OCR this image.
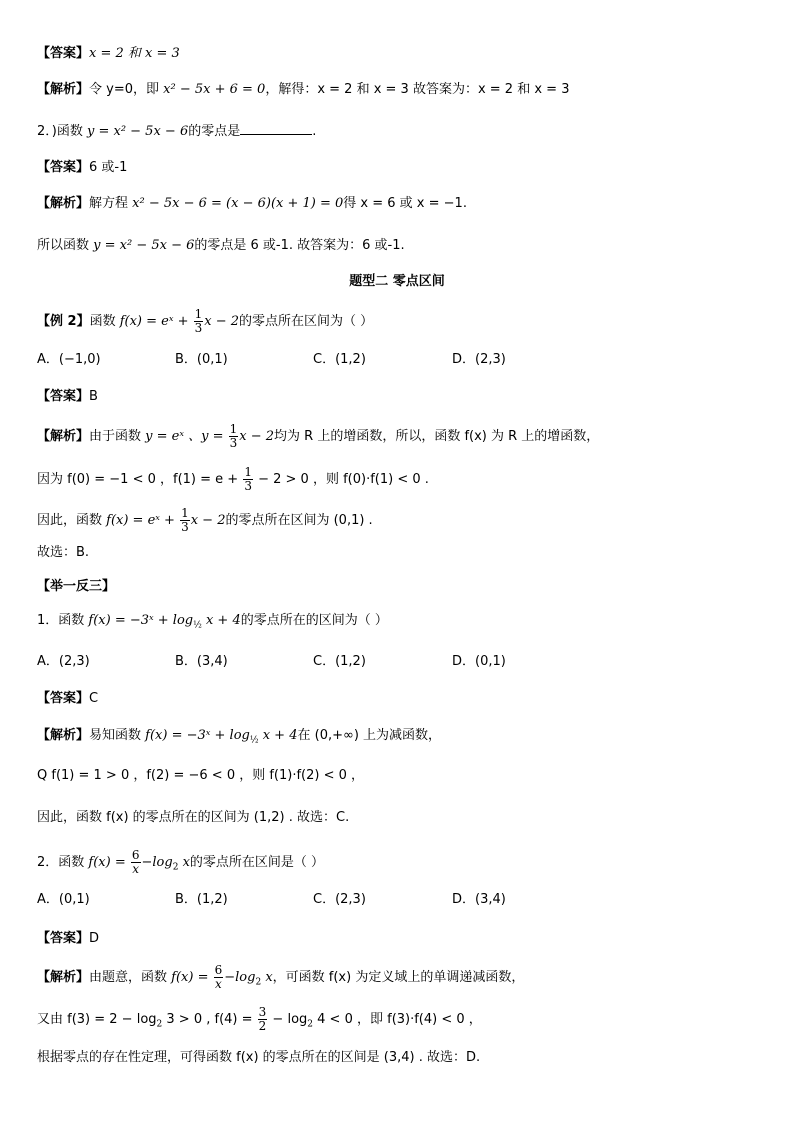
【答案】x = 2 和 x = 3
【解析】令 y=0，即 x² − 5x + 6 = 0，解得：x = 2 和 x = 3 故答案为：x = 2 和 x = 3
2．)函数 y = x² − 5x − 6的零点是	.
【答案】6 或-1
【解析】解方程 x² − 5x − 6 = (x − 6)(x + 1) = 0得 x = 6 或 x = −1.
所以函数 y = x² − 5x − 6的零点是 6 或-1. 故答案为：6 或-1.
题型二 零点区间
【例 2】函数 f(x) = eˣ + $\frac{1}{3}$ x − 2的零点所在区间为（ ）
A．(−1,0)	B．(0,1)	C．(1,2)	D．(2,3)
【答案】B
【解析】由于函数 y = eˣ 、$y = \frac{1}{3}$ x − 2均为 R 上的增函数，所以，函数 f(x) 为 R 上的增函数，
因为 f(0) = −1 < 0 ，$f(1) = e + \frac{1}{3} - 2 > 0$ ，则 f(0)·f(1) < 0 .
因此，函数 f(x) = eˣ + $\frac{1}{3}$ x − 2的零点所在区间为 (0,1) .
故选：B.
【举一反三】
1．函数 f(x) = −3ˣ + $\log_{\frac{1}{2}} x + 4$的零点所在的区间为（ ）
A．(2,3)	B．(3,4)	C．(1,2)	D．(0,1)
【答案】C
【解析】易知函数 f(x) = −3ˣ + $\log_{\frac{1}{2}} x + 4$在 (0,+∞) 上为减函数，
Q f(1) = 1 > 0 ，f(2) = −6 < 0 ，则 f(1)·f(2) < 0 ，
因此，函数 f(x) 的零点所在的区间为 (1,2) . 故选：C.
2．函数 $f(x) = \frac{6}{x} -\log_2$ x的零点所在区间是（ ）
A．(0,1)	B．(1,2)	C．(2,3)	D．(3,4)
【答案】D
【解析】由题意，函数 $f(x) = \frac{6}{x} -\log_2$ x，可函数 f(x) 为定义域上的单调递减函数，
又由 $f(3) = 2 - \log_2 3 > 0$ , $f(4) = \frac{3}{2} - \log_2 4 < 0$ ，即 f(3)·f(4) < 0 ，
根据零点的存在性定理，可得函数 f(x) 的零点所在的区间是 (3,4) . 故选：D.
